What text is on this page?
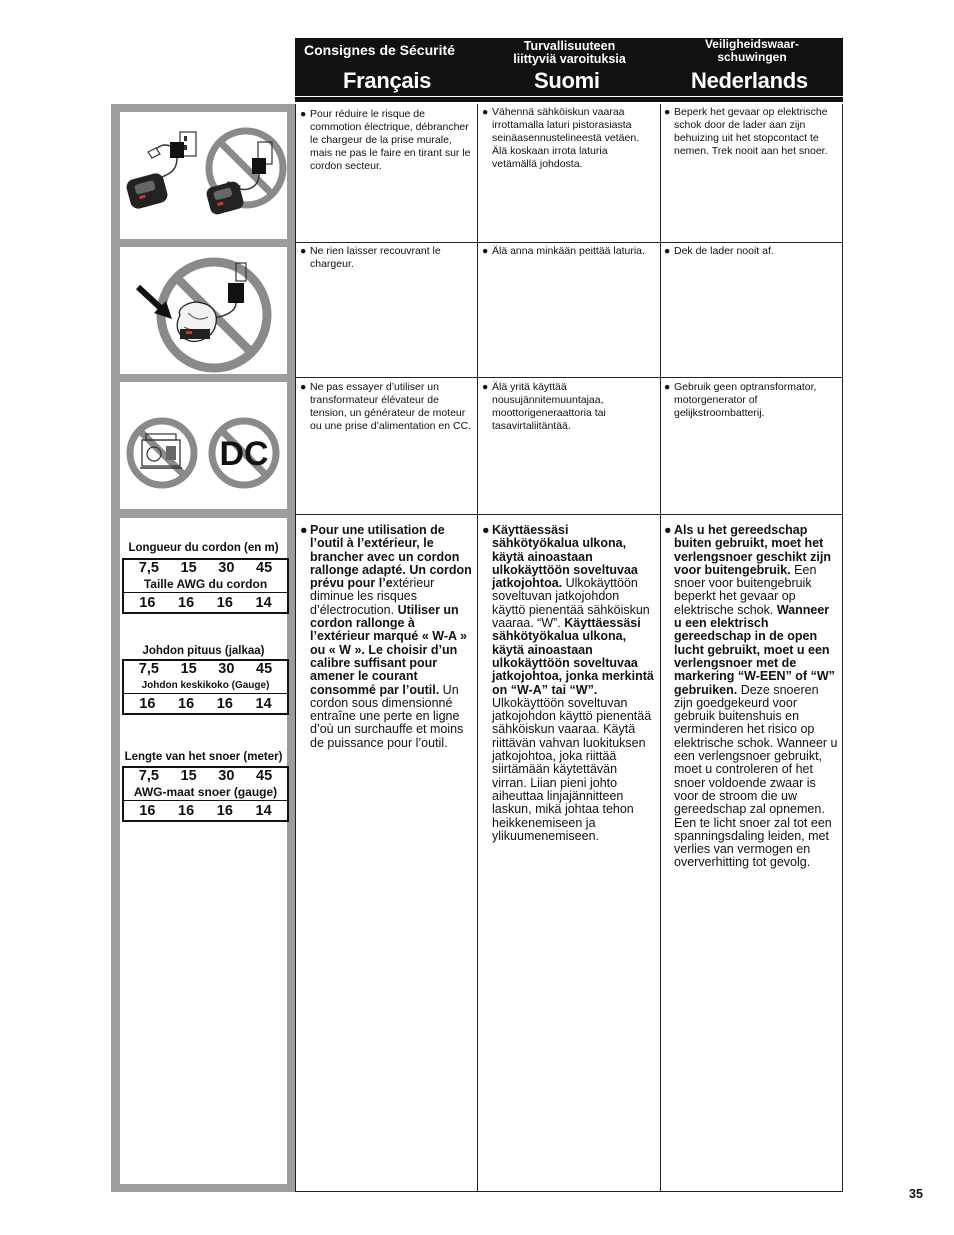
Consignes de Sécurité
Français
Turvallisuuteen
liittyviä varoituksia
Suomi
Veiligheidswaar-
schuwingen
Nederlands
DC
Longueur du cordon (en m)
7,5 15 30 45
Taille AWG du cordon
16 16 16 14
Johdon pituus (jalkaa)
7,5 15 30 45
Johdon keskikoko (Gauge)
16 16 16 14
Lengte van het snoer (meter)
7,5 15 30 45
AWG-maat snoer (gauge)
16 16 16 14
● Pour réduire le risque de commotion électrique, débrancher le chargeur de la prise murale, mais ne pas le faire en tirant sur le cordon secteur.
● Vähennä sähköiskun vaaraa irrottamalla laturi pistorasiasta seinäasennustelineestä vetäen. Älä koskaan irrota laturia vetämällä johdosta.
● Beperk het gevaar op elektrische schok door de lader aan zijn behuizing uit het stopcontact te nemen. Trek nooit aan het snoer.
● Ne rien laisser recouvrant le chargeur.
● Älä anna minkään peittää laturia.	● Dek de lader nooit af.
● Ne pas essayer d’utiliser un transformateur élévateur de tension, un générateur de moteur ou une prise d’alimentation en CC.
● Älä yritä käyttää nousujännitemuuntajaa, moottorigeneraattoria tai tasavirtaliitäntää.
● Gebruik geen optransformator, motorgenerator of gelijkstroombatterij.
● Pour une utilisation de l’outil à l’extérieur, le brancher avec un cordon rallonge adapté. Un cordon prévu pour l’extérieur diminue les risques d’électrocution. Utiliser un cordon rallonge à l’extérieur marqué « W-A » ou « W ». Le choisir d’un calibre suffisant pour amener le courant consommé par l’outil. Un cordon sous dimensionné entraîne une perte en ligne d’où un surchauffe et moins de puissance pour l’outil.
● Käyttäessäsi sähkötyökalua ulkona, käytä ainoastaan ulkokäyttöön soveltuvaa jatkojohtoa. Ulkokäyttöön soveltuvan jatkojohdon käyttö pienentää sähköiskun vaaraa. “W”. Käyttäessäsi sähkötyökalua ulkona, käytä ainoastaan ulkokäyttöön soveltuvaa jatkojohtoa, jonka merkintä on “W-A” tai “W”. Ulkokäyttöön soveltuvan jatkojohdon käyttö pienentää sähköiskun vaaraa. Käytä riittävän vahvan luokituksen jatkojohtoa, joka riittää siirtämään käytettävän virran. Liian pieni johto aiheuttaa linjajännitteen laskun, mikä johtaa tehon heikkenemiseen ja ylikuumenemiseen.
● Als u het gereedschap buiten gebruikt, moet het verlengsnoer geschikt zijn voor buitengebruik. Een snoer voor buitengebruik beperkt het gevaar op elektrische schok. Wanneer u een elektrisch gereedschap in de open lucht gebruikt, moet u een verlengsnoer met de markering “W-EEN” of “W” gebruiken. Deze snoeren zijn goedgekeurd voor gebruik buitenshuis en verminderen het risico op elektrische schok. Wanneer u een verlengsnoer gebruikt, moet u controleren of het snoer voldoende zwaar is voor de stroom die uw gereedschap zal opnemen. Een te licht snoer zal tot een spanningsdaling leiden, met verlies van vermogen en oververhitting tot gevolg.
35
